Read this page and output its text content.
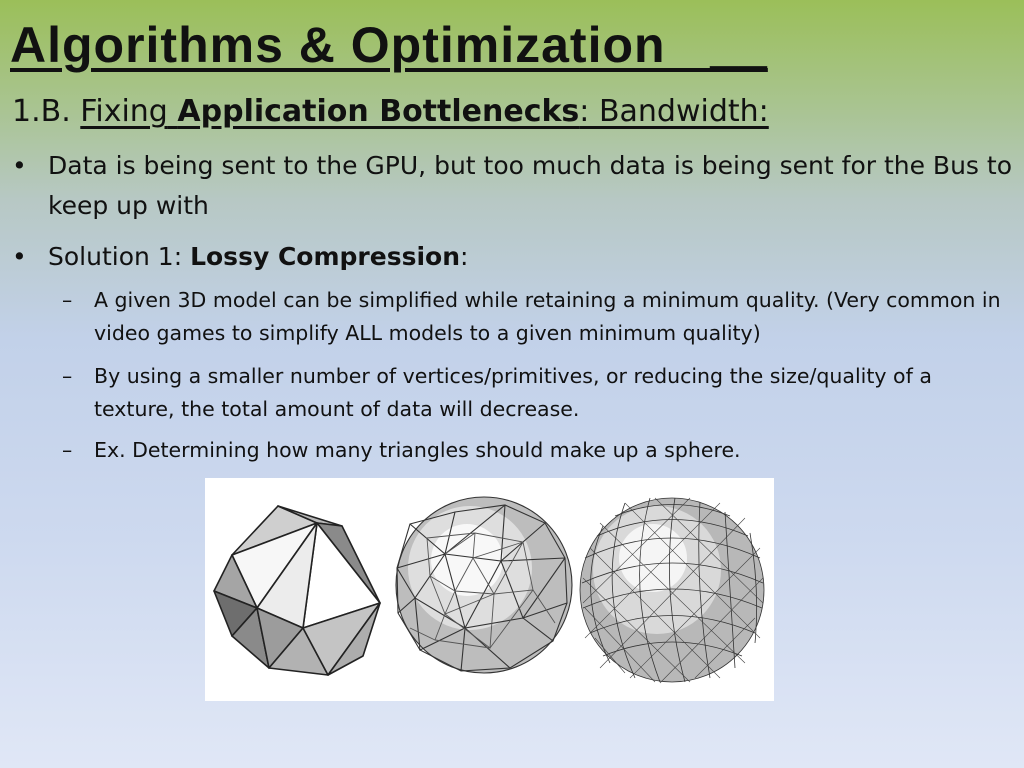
Algorithms & Optimization   __
1.B. Fixing Application Bottlenecks: Bandwidth:
• Data is being sent to the GPU, but too much data is being sent for the Bus to keep up with
• Solution 1: Lossy Compression:
– A given 3D model can be simplified while retaining a minimum quality. (Very common in video games to simplify ALL models to a given minimum quality)
– By using a smaller number of vertices/primitives, or reducing the size/quality of a texture, the total amount of data will decrease.
– Ex. Determining how many triangles should make up a sphere.
